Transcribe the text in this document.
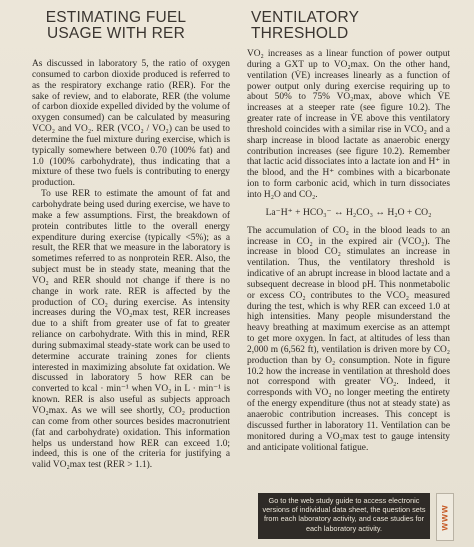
ESTIMATING FUEL
USAGE WITH RER

As discussed in laboratory 5, the ratio of oxygen consumed to carbon dioxide produced is referred to as the respiratory exchange ratio (RER). For the sake of review, and to elaborate, RER (the volume of carbon dioxide expelled divided by the volume of oxygen consumed) can be calculated by measuring VCO₂ and VO₂. RER (VCO₂ / VO₂) can be used to determine the fuel mixture during exercise, which is typically somewhere between 0.70 (100% fat) and 1.0 (100% carbohydrate), thus indicating that a mixture of these two fuels is contributing to energy production.

To use RER to estimate the amount of fat and carbohydrate being used during exercise, we have to make a few assumptions. First, the breakdown of protein contributes little to the overall energy expenditure during exercise (typically <5%); as a result, the RER that we measure in the laboratory is sometimes referred to as nonprotein RER. Also, the subject must be in steady state, meaning that the VO₂ and RER should not change if there is no change in work rate. RER is affected by the production of CO₂ during exercise. As intensity increases during the VO₂max test, RER increases due to a shift from greater use of fat to greater reliance on carbohydrate. With this in mind, RER during submaximal steady-state work can be used to determine accurate training zones for clients interested in maximizing absolute fat oxidation. We discussed in laboratory 5 how RER can be converted to kcal · min⁻¹ when VO₂ in L · min⁻¹ is known. RER is also useful as subjects approach VO₂max. As we will see shortly, CO₂ production can come from other sources besides macronutrient (fat and carbohydrate) oxidation. This information helps us understand how RER can exceed 1.0; indeed, this is one of the criteria for justifying a valid VO₂max test (RER > 1.1).

VENTILATORY THRESHOLD

VO₂ increases as a linear function of power output during a GXT up to VO₂max. On the other hand, ventilation (V̇E) increases linearly as a function of power output only during exercise requiring up to about 50% to 75% VO₂max, above which V̇E increases at a steeper rate (see figure 10.2). The greater rate of increase in V̇E above this ventilatory threshold coincides with a similar rise in VCO₂ and a sharp increase in blood lactate as anaerobic energy contribution increases (see figure 10.2). Remember that lactic acid dissociates into a lactate ion and H⁺ in the blood, and the H⁺ combines with a bicarbonate ion to form carbonic acid, which in turn dissociates into H₂O and CO₂.

La⁻H⁺ + HCO₃⁻ ↔ H₂CO₃ ↔ H₂O + CO₂

The accumulation of CO₂ in the blood leads to an increase in CO₂ in the expired air (VCO₂). The increase in blood CO₂ stimulates an increase in ventilation. Thus, the ventilatory threshold is indicative of an abrupt increase in blood lactate and a subsequent decrease in blood pH. This nonmetabolic or excess CO₂ contributes to the VCO₂ measured during the test, which is why RER can exceed 1.0 at high intensities. Many people misunderstand the heavy breathing at maximum exercise as an attempt to get more oxygen. In fact, at altitudes of less than 2,000 m (6,562 ft), ventilation is driven more by CO₂ production than by O₂ consumption. Note in figure 10.2 how the increase in ventilation at threshold does not correspond with greater VO₂. Indeed, it corresponds with VO₂ no longer meeting the entirety of the energy expenditure (thus not at steady state) as anaerobic contribution increases. This concept is discussed further in laboratory 11. Ventilation can be monitored during a VO₂max test to gauge intensity and anticipate volitional fatigue.

Go to the web study guide to access electronic versions of individual data sheet, the question sets from each laboratory activity, and case studies for each laboratory activity.	www
